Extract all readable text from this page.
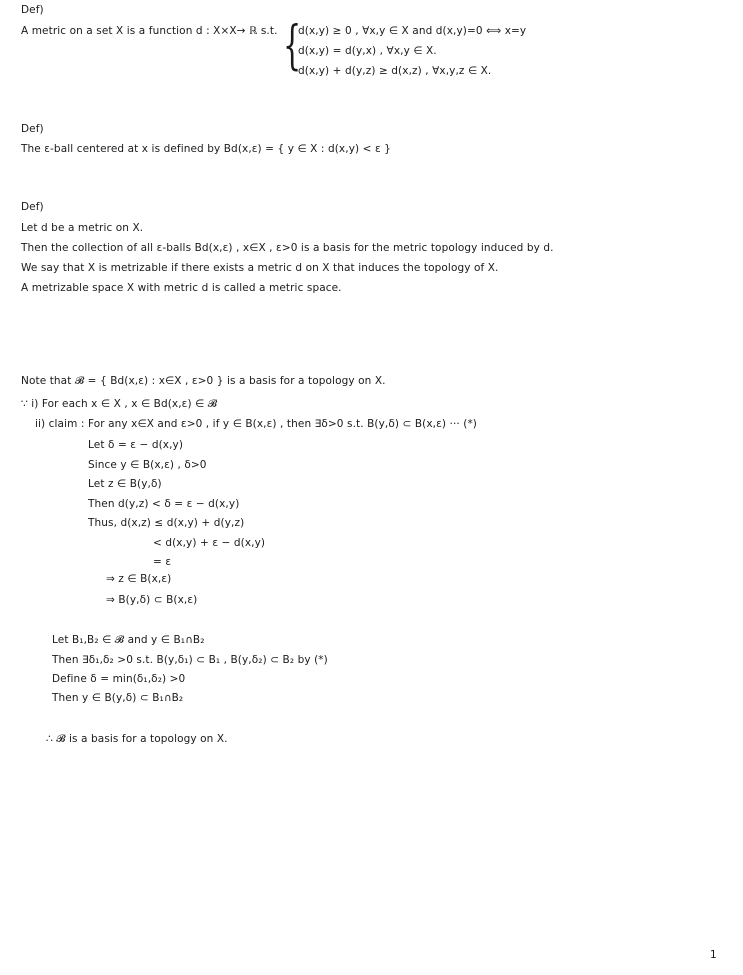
Def)
A metric on a set X is a function d : X×X→ ℝ s.t. {
d(x,y) ≥ 0 , ∀x,y ∈ X and d(x,y)=0 ⟺ x=y
d(x,y) = d(y,x) , ∀x,y ∈ X.
d(x,y) + d(y,z) ≥ d(x,z) , ∀x,y,z ∈ X.
Def)
The ε-ball centered at x is defined by Bd(x,ε) = { y ∈ X : d(x,y) < ε }
Def)
Let d be a metric on X.
Then the collection of all ε-balls Bd(x,ε) , x∈X , ε>0 is a basis for the metric topology induced by d.
We say that X is metrizable if there exists a metric d on X that induces the topology of X.
A metrizable space X with metric d is called a metric space.
Note that 𝓑 = { Bd(x,ε) : x∈X , ε>0 } is a basis for a topology on X.
∵ i) For each x ∈ X , x ∈ Bd(x,ε) ∈ 𝓑
ii) claim : For any x∈X and ε>0 , if y ∈ B(x,ε) , then ∃δ>0 s.t. B(y,δ) ⊂ B(x,ε) ··· (*)
Let δ = ε − d(x,y)
Since y ∈ B(x,ε) , δ>0
Let z ∈ B(y,δ)
Then d(y,z) < δ = ε − d(x,y)
Thus, d(x,z) ≤ d(x,y) + d(y,z)
< d(x,y) + ε − d(x,y)
= ε
⇒ z ∈ B(x,ε)
⇒ B(y,δ) ⊂ B(x,ε)
Let B₁,B₂ ∈ 𝓑 and y ∈ B₁∩B₂
Then ∃δ₁,δ₂ >0 s.t. B(y,δ₁) ⊂ B₁ , B(y,δ₂) ⊂ B₂ by (*)
Define δ = min(δ₁,δ₂) >0
Then y ∈ B(y,δ) ⊂ B₁∩B₂
∴ 𝓑 is a basis for a topology on X.
1
